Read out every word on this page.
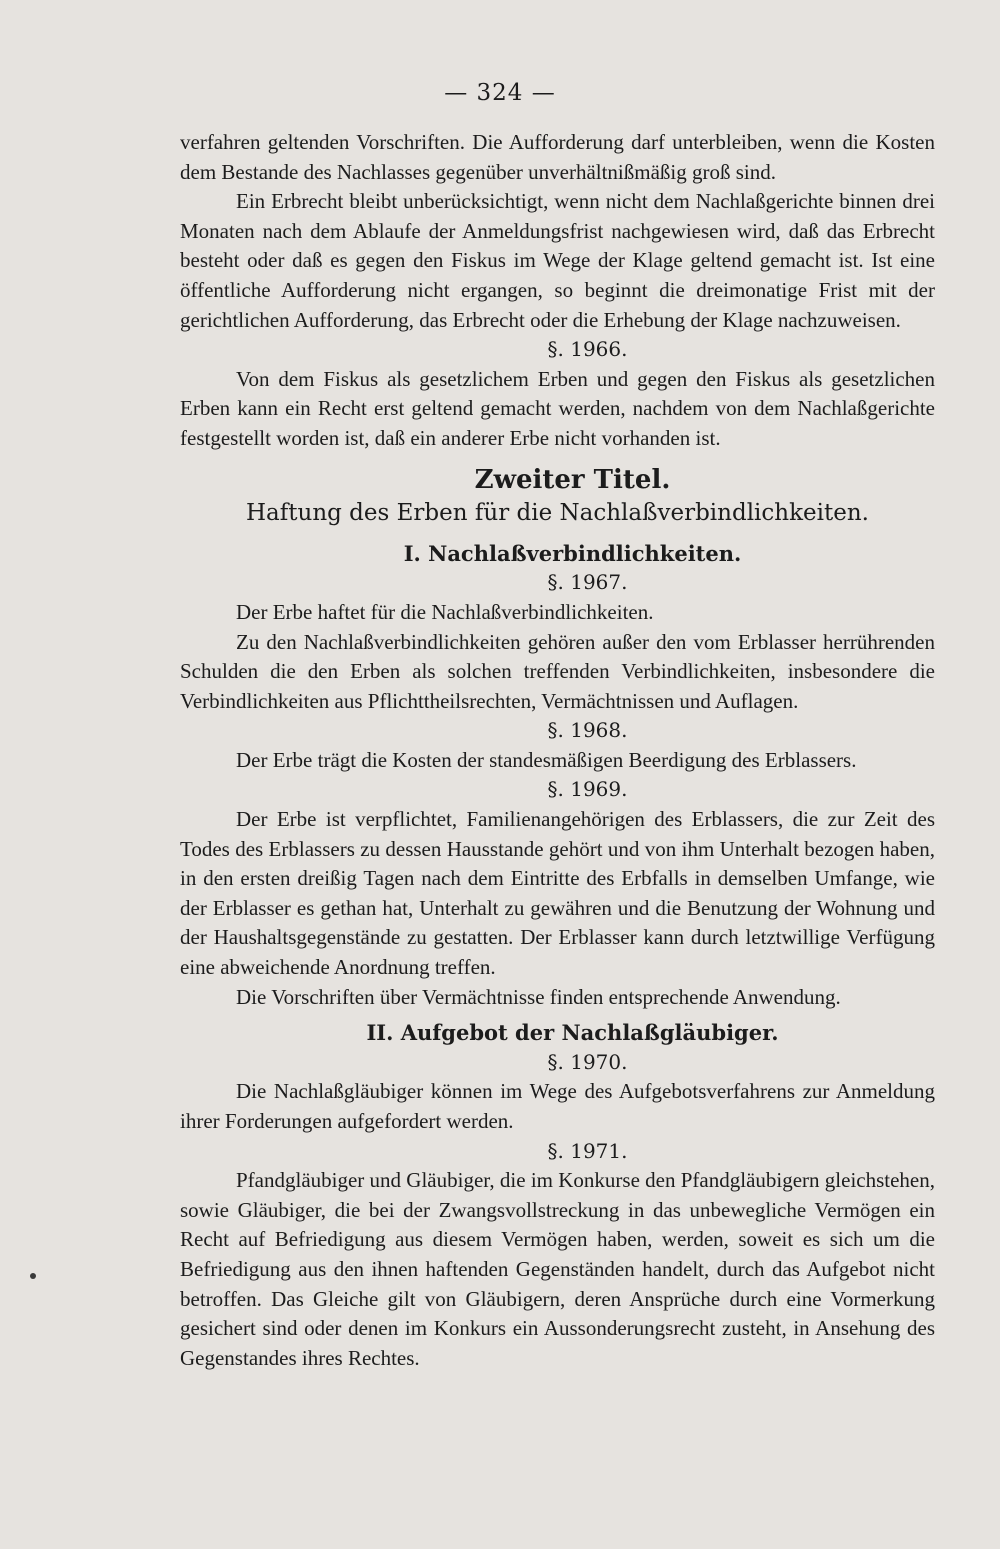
— 324 —

verfahren geltenden Vorschriften. Die Aufforderung darf unterbleiben, wenn die Kosten dem Bestande des Nachlasses gegenüber unverhältnißmäßig groß sind.

Ein Erbrecht bleibt unberücksichtigt, wenn nicht dem Nachlaßgerichte binnen drei Monaten nach dem Ablaufe der Anmeldungsfrist nachgewiesen wird, daß das Erbrecht besteht oder daß es gegen den Fiskus im Wege der Klage geltend gemacht ist. Ist eine öffentliche Aufforderung nicht ergangen, so beginnt die dreimonatige Frist mit der gerichtlichen Aufforderung, das Erbrecht oder die Erhebung der Klage nachzuweisen.

§. 1966.

Von dem Fiskus als gesetzlichem Erben und gegen den Fiskus als gesetzlichen Erben kann ein Recht erst geltend gemacht werden, nachdem von dem Nachlaßgerichte festgestellt worden ist, daß ein anderer Erbe nicht vorhanden ist.

Zweiter Titel.
Haftung des Erben für die Nachlaßverbindlichkeiten.
I. Nachlaßverbindlichkeiten.
§. 1967.

Der Erbe haftet für die Nachlaßverbindlichkeiten.

Zu den Nachlaßverbindlichkeiten gehören außer den vom Erblasser herrührenden Schulden die den Erben als solchen treffenden Verbindlichkeiten, insbesondere die Verbindlichkeiten aus Pflichttheilsrechten, Vermächtnissen und Auflagen.

§. 1968.

Der Erbe trägt die Kosten der standesmäßigen Beerdigung des Erblassers.

§. 1969.

Der Erbe ist verpflichtet, Familienangehörigen des Erblassers, die zur Zeit des Todes des Erblassers zu dessen Hausstande gehört und von ihm Unterhalt bezogen haben, in den ersten dreißig Tagen nach dem Eintritte des Erbfalls in demselben Umfange, wie der Erblasser es gethan hat, Unterhalt zu gewähren und die Benutzung der Wohnung und der Haushaltsgegenstände zu gestatten. Der Erblasser kann durch letztwillige Verfügung eine abweichende Anordnung treffen.

Die Vorschriften über Vermächtnisse finden entsprechende Anwendung.

II. Aufgebot der Nachlaßgläubiger.
§. 1970.

Die Nachlaßgläubiger können im Wege des Aufgebotsverfahrens zur Anmeldung ihrer Forderungen aufgefordert werden.

§. 1971.

Pfandgläubiger und Gläubiger, die im Konkurse den Pfandgläubigern gleichstehen, sowie Gläubiger, die bei der Zwangsvollstreckung in das unbewegliche Vermögen ein Recht auf Befriedigung aus diesem Vermögen haben, werden, soweit es sich um die Befriedigung aus den ihnen haftenden Gegenständen handelt, durch das Aufgebot nicht betroffen. Das Gleiche gilt von Gläubigern, deren Ansprüche durch eine Vormerkung gesichert sind oder denen im Konkurs ein Aussonderungsrecht zusteht, in Ansehung des Gegenstandes ihres Rechtes.
